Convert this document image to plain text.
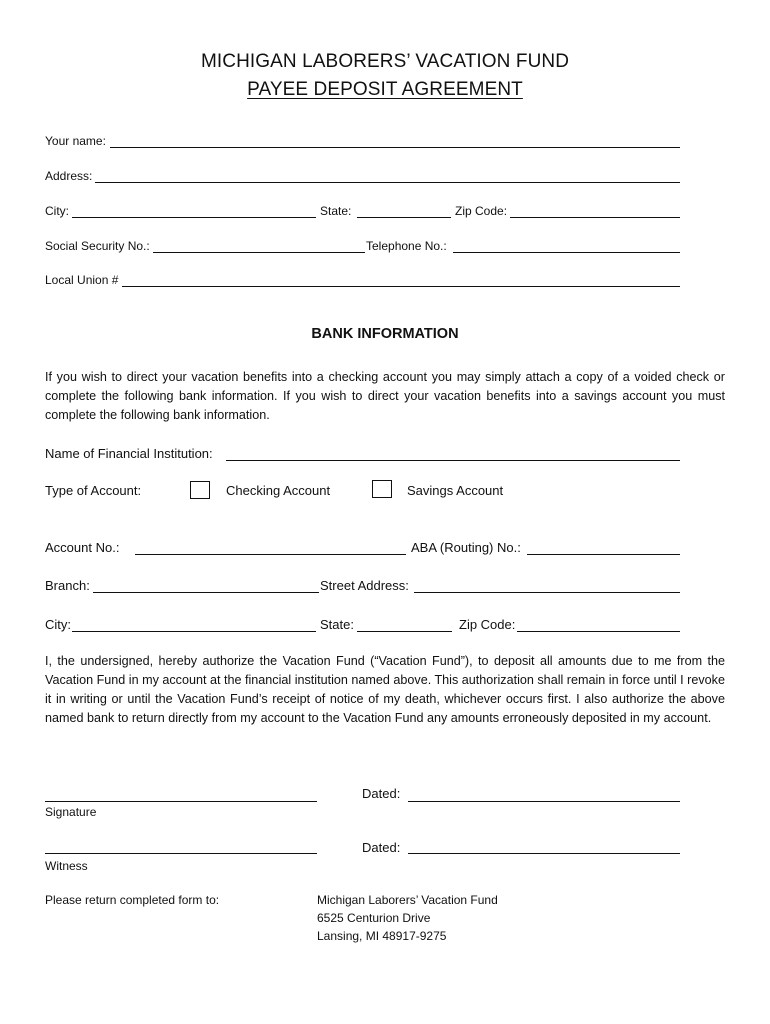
MICHIGAN LABORERS’ VACATION FUND
PAYEE DEPOSIT AGREEMENT
Your name:
Address:
City:	State:	Zip Code:
Social Security No.:	Telephone No.:
Local Union #
BANK INFORMATION
If you wish to direct your vacation benefits into a checking account you may simply attach a copy of a voided check or complete the following bank information. If you wish to direct your vacation benefits into a savings account you must complete the following bank information.
Name of Financial Institution:
Type of Account:	Checking Account	Savings Account
Account No.:	ABA (Routing) No.:
Branch:	Street Address:
City:	State:	Zip Code:
I, the undersigned, hereby authorize the Vacation Fund (“Vacation Fund”), to deposit all amounts due to me from the Vacation Fund in my account at the financial institution named above. This authorization shall remain in force until I revoke it in writing or until the Vacation Fund’s receipt of notice of my death, whichever occurs first. I also authorize the above named bank to return directly from my account to the Vacation Fund any amounts erroneously deposited in my account.
Dated:
Signature
Dated:
Witness
Please return completed form to:	Michigan Laborers’ Vacation Fund
6525 Centurion Drive
Lansing, MI 48917-9275
